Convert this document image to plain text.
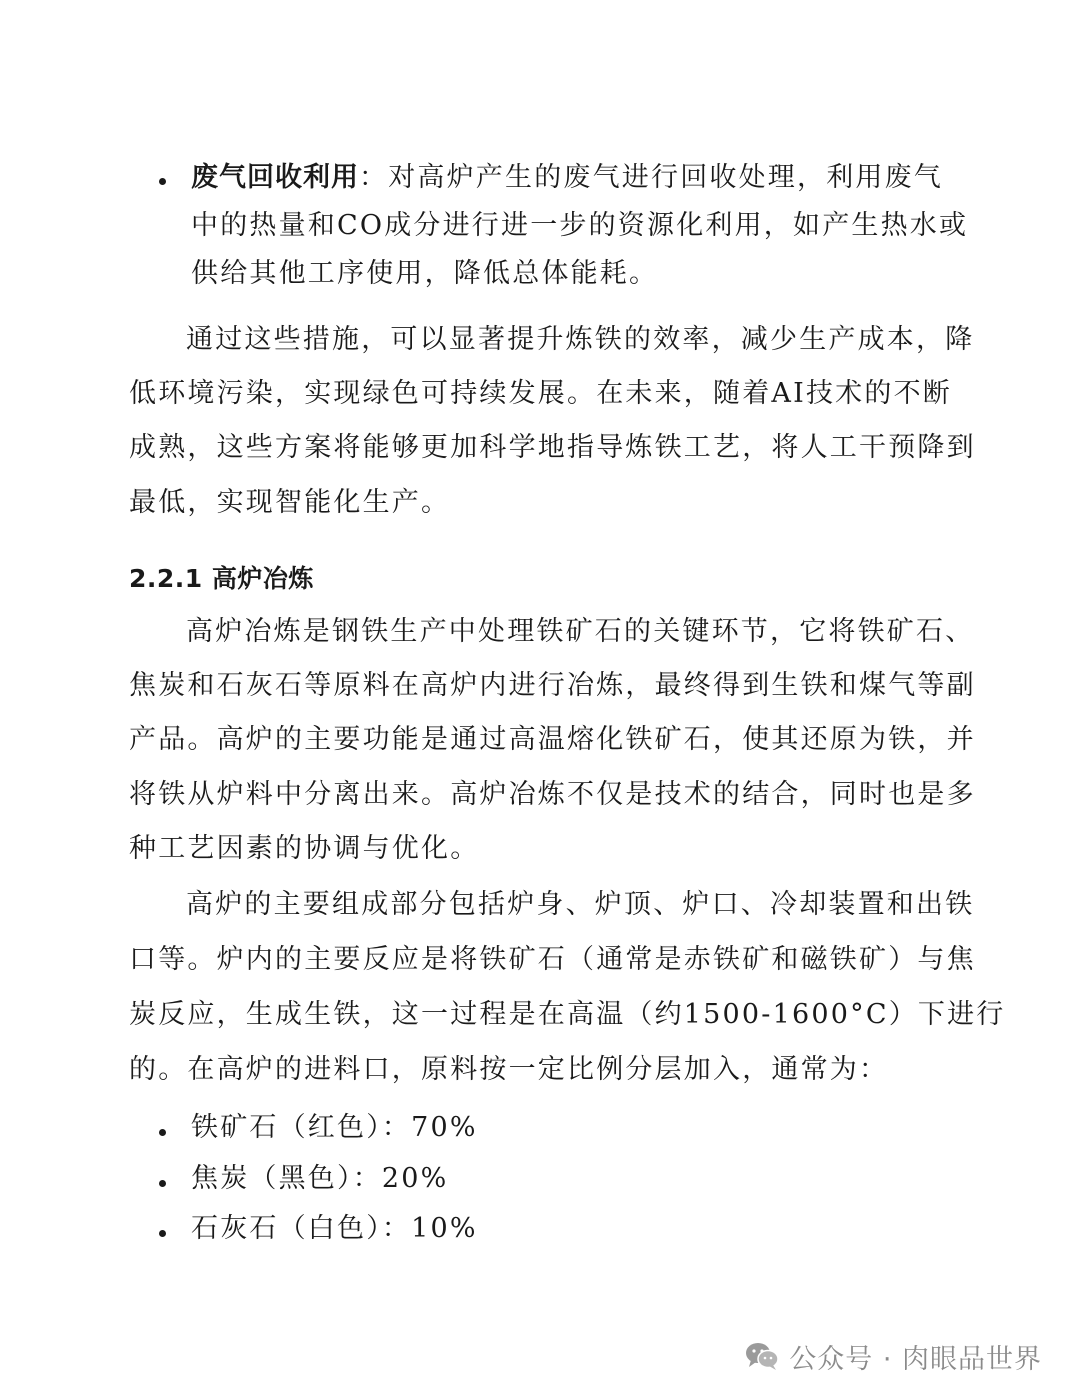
废气回收利用：对高炉产生的废气进行回收处理，利用废气
中的热量和CO成分进行进一步的资源化利用，如产生热水或
供给其他工序使用，降低总体能耗。
通过这些措施，可以显著提升炼铁的效率，减少生产成本，降
低环境污染，实现绿色可持续发展。在未来，随着AI技术的不断
成熟，这些方案将能够更加科学地指导炼铁工艺，将人工干预降到
最低，实现智能化生产。
2.2.1 高炉冶炼
高炉冶炼是钢铁生产中处理铁矿石的关键环节，它将铁矿石、
焦炭和石灰石等原料在高炉内进行冶炼，最终得到生铁和煤气等副
产品。高炉的主要功能是通过高温熔化铁矿石，使其还原为铁，并
将铁从炉料中分离出来。高炉冶炼不仅是技术的结合，同时也是多
种工艺因素的协调与优化。
高炉的主要组成部分包括炉身、炉顶、炉口、冷却装置和出铁
口等。炉内的主要反应是将铁矿石（通常是赤铁矿和磁铁矿）与焦
炭反应，生成生铁，这一过程是在高温（约1500-1600°C）下进行
的。在高炉的进料口，原料按一定比例分层加入，通常为：
铁矿石（红色）：70%
焦炭（黑色）：20%
石灰石（白色）：10%
公众号 · 肉眼品世界
